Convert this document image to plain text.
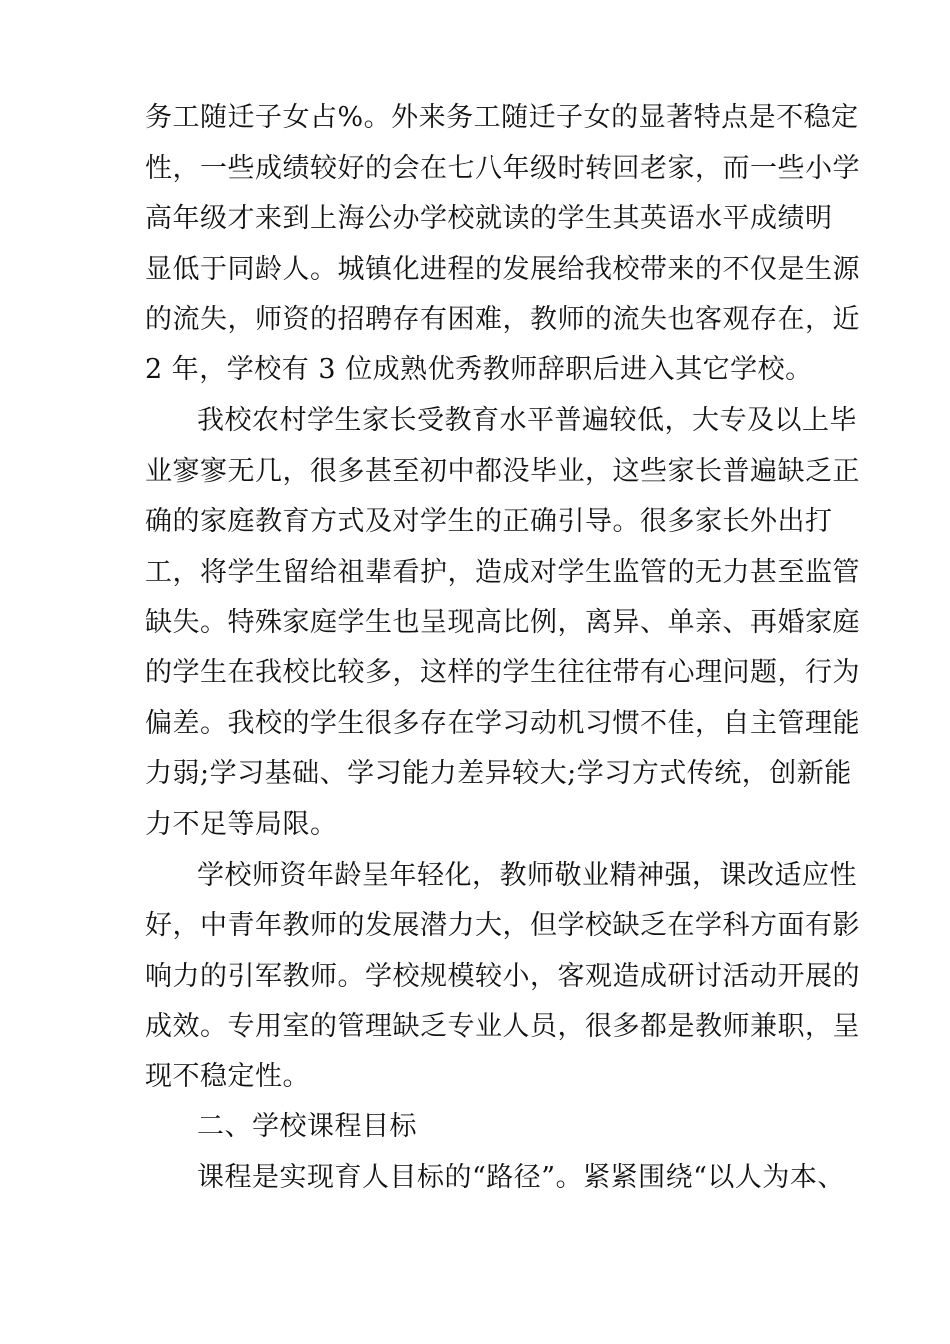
务工随迁子女占%。外来务工随迁子女的显著特点是不稳定
性，一些成绩较好的会在七八年级时转回老家，而一些小学
高年级才来到上海公办学校就读的学生其英语水平成绩明
显低于同龄人。城镇化进程的发展给我校带来的不仅是生源
的流失，师资的招聘存有困难，教师的流失也客观存在，近
2 年，学校有 3 位成熟优秀教师辞职后进入其它学校。
我校农村学生家长受教育水平普遍较低，大专及以上毕
业寥寥无几，很多甚至初中都没毕业，这些家长普遍缺乏正
确的家庭教育方式及对学生的正确引导。很多家长外出打
工，将学生留给祖辈看护，造成对学生监管的无力甚至监管
缺失。特殊家庭学生也呈现高比例，离异、单亲、再婚家庭
的学生在我校比较多，这样的学生往往带有心理问题，行为
偏差。我校的学生很多存在学习动机习惯不佳，自主管理能
力弱;学习基础、学习能力差异较大;学习方式传统，创新能
力不足等局限。
学校师资年龄呈年轻化，教师敬业精神强，课改适应性
好，中青年教师的发展潜力大，但学校缺乏在学科方面有影
响力的引军教师。学校规模较小，客观造成研讨活动开展的
成效。专用室的管理缺乏专业人员，很多都是教师兼职，呈
现不稳定性。
二、学校课程目标
课程是实现育人目标的“路径”。紧紧围绕“以人为本、
